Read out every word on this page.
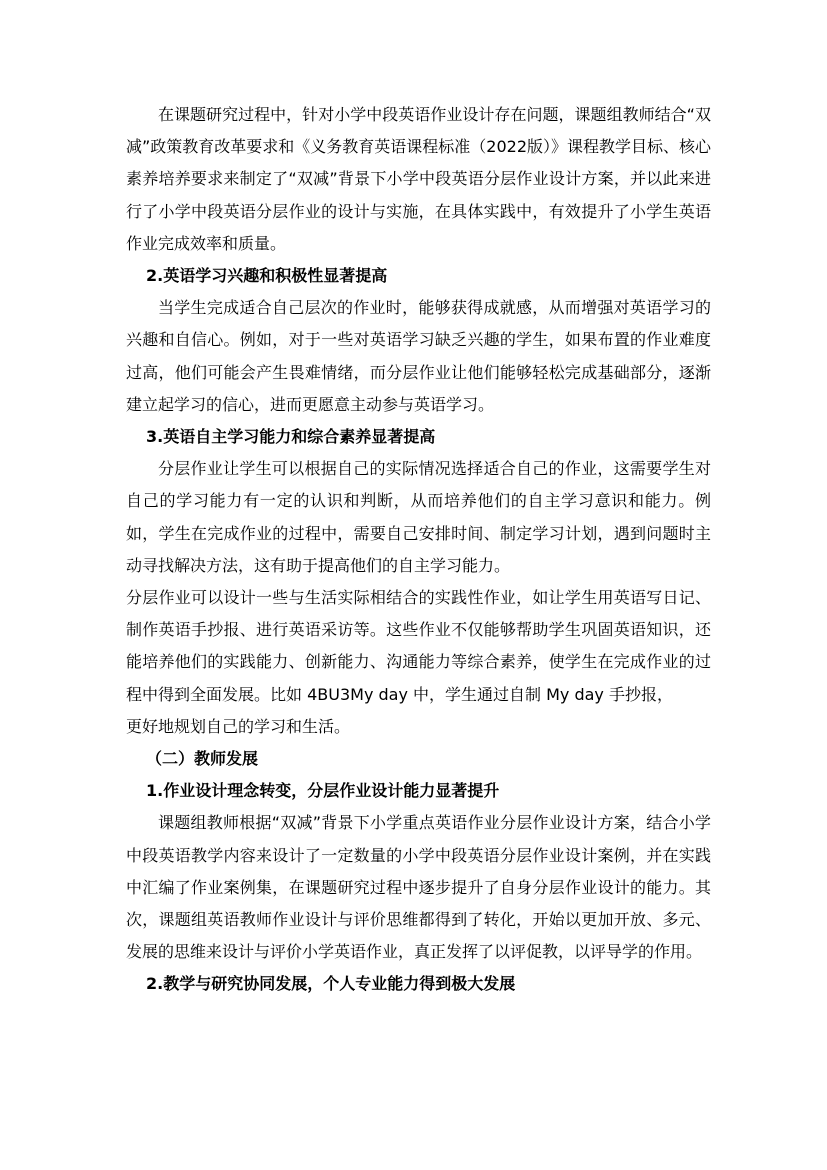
在课题研究过程中，针对小学中段英语作业设计存在问题，课题组教师结合“双减”政策教育改革要求和《义务教育英语课程标准（2022版）》课程教学目标、核心素养培养要求来制定了“双减”背景下小学中段英语分层作业设计方案，并以此来进行了小学中段英语分层作业的设计与实施，在具体实践中，有效提升了小学生英语作业完成效率和质量。

2.英语学习兴趣和积极性显著提高

当学生完成适合自己层次的作业时，能够获得成就感，从而增强对英语学习的兴趣和自信心。例如，对于一些对英语学习缺乏兴趣的学生，如果布置的作业难度过高，他们可能会产生畏难情绪，而分层作业让他们能够轻松完成基础部分，逐渐建立起学习的信心，进而更愿意主动参与英语学习。

3.英语自主学习能力和综合素养显著提高

分层作业让学生可以根据自己的实际情况选择适合自己的作业，这需要学生对自己的学习能力有一定的认识和判断，从而培养他们的自主学习意识和能力。例如，学生在完成作业的过程中，需要自己安排时间、制定学习计划，遇到问题时主动寻找解决方法，这有助于提高他们的自主学习能力。

分层作业可以设计一些与生活实际相结合的实践性作业，如让学生用英语写日记、制作英语手抄报、进行英语采访等。这些作业不仅能够帮助学生巩固英语知识，还能培养他们的实践能力、创新能力、沟通能力等综合素养，使学生在完成作业的过程中得到全面发展。比如 4BU3My day 中，学生通过自制 My day 手抄报，

更好地规划自己的学习和生活。

（二）教师发展

1.作业设计理念转变，分层作业设计能力显著提升

课题组教师根据“双减”背景下小学重点英语作业分层作业设计方案，结合小学中段英语教学内容来设计了一定数量的小学中段英语分层作业设计案例，并在实践中汇编了作业案例集，在课题研究过程中逐步提升了自身分层作业设计的能力。其次，课题组英语教师作业设计与评价思维都得到了转化，开始以更加开放、多元、发展的思维来设计与评价小学英语作业，真正发挥了以评促教，以评导学的作用。

2.教学与研究协同发展，个人专业能力得到极大发展
